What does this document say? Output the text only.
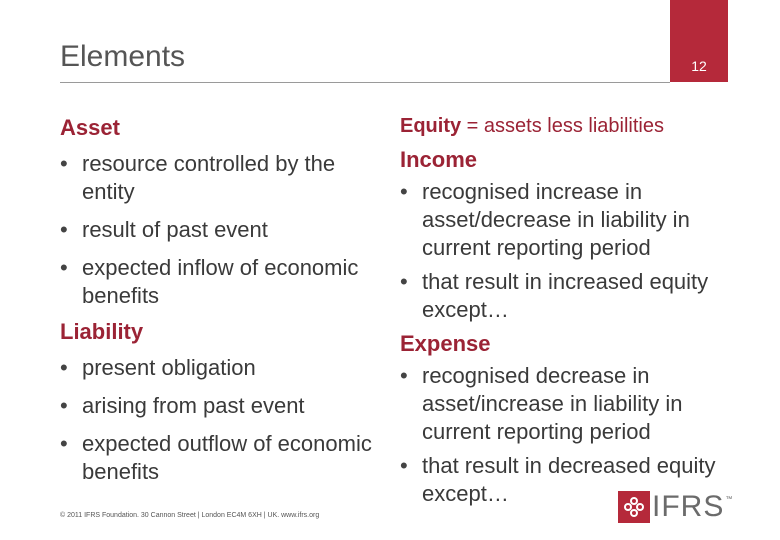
12
Elements
Asset
• resource controlled by the entity
• result of past event
• expected inflow of economic benefits
Liability
• present obligation
• arising from past event
• expected outflow of economic benefits
Equity = assets less liabilities
Income
• recognised increase in asset/decrease in liability in current reporting period
• that result in increased equity except…
Expense
• recognised decrease in asset/increase in liability in current reporting period
• that result in decreased equity except…
© 2011 IFRS Foundation. 30 Cannon Street | London EC4M 6XH | UK. www.ifrs.org	IFRS ™
